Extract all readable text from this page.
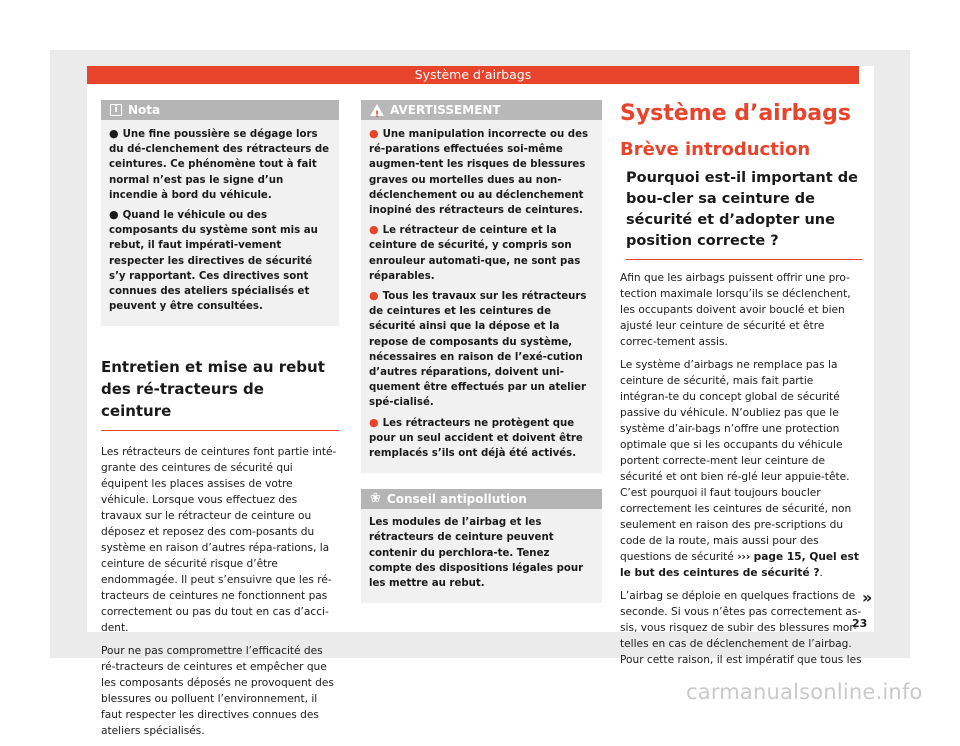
Système d’airbags
i Nota

● Une fine poussière se dégage lors du dé-clenchement des rétracteurs de ceintures. Ce phénomène tout à fait normal n’est pas le signe d’un incendie à bord du véhicule.

● Quand le véhicule ou des composants du système sont mis au rebut, il faut impérati-vement respecter les directives de sécurité s’y rapportant. Ces directives sont connues des ateliers spécialisés et peuvent y être consultées.

Entretien et mise au rebut des ré-tracteurs de ceinture

Les rétracteurs de ceintures font partie inté-grante des ceintures de sécurité qui équipent les places assises de votre véhicule. Lorsque vous effectuez des travaux sur le rétracteur de ceinture ou déposez et reposez des com-posants du système en raison d’autres répa-rations, la ceinture de sécurité risque d’être endommagée. Il peut s’ensuivre que les ré-tracteurs de ceintures ne fonctionnent pas correctement ou pas du tout en cas d’acci-dent.

Pour ne pas compromettre l’efficacité des ré-tracteurs de ceintures et empêcher que les composants déposés ne provoquent des blessures ou polluent l’environnement, il faut respecter les directives connues des ateliers spécialisés.

!
AVERTISSEMENT

● Une manipulation incorrecte ou des ré-parations effectuées soi-même augmen-tent les risques de blessures graves ou mortelles dues au non-déclenchement ou au déclenchement inopiné des rétracteurs de ceintures.

● Le rétracteur de ceinture et la ceinture de sécurité, y compris son enrouleur automati-que, ne sont pas réparables.

● Tous les travaux sur les rétracteurs de ceintures et les ceintures de sécurité ainsi que la dépose et la repose de composants du système, nécessaires en raison de l’exé-cution d’autres réparations, doivent uni-quement être effectués par un atelier spé-cialisé.

● Les rétracteurs ne protègent que pour un seul accident et doivent être remplacés s’ils ont déjà été activés.

❀ Conseil antipollution

Les modules de l’airbag et les rétracteurs de ceinture peuvent contenir du perchlora-te. Tenez compte des dispositions légales pour les mettre au rebut.

Système d’airbags
Brève introduction
Pourquoi est-il important de bou-cler sa ceinture de sécurité et d’adopter une position correcte ?

Afin que les airbags puissent offrir une pro-tection maximale lorsqu’ils se déclenchent, les occupants doivent avoir bouclé et bien ajusté leur ceinture de sécurité et être correc-tement assis.

Le système d’airbags ne remplace pas la ceinture de sécurité, mais fait partie intégran-te du concept global de sécurité passive du véhicule. N’oubliez pas que le système d’air-bags n’offre une protection optimale que si les occupants du véhicule portent correcte-ment leur ceinture de sécurité et ont bien ré-glé leur appuie-tête. C’est pourquoi il faut toujours boucler correctement les ceintures de sécurité, non seulement en raison des pre-scriptions du code de la route, mais aussi pour des questions de sécurité ››› page 15, Quel est le but des ceintures de sécurité ?.

L’airbag se déploie en quelques fractions de seconde. Si vous n’êtes pas correctement as-sis, vous risquez de subir des blessures mor-telles en cas de déclenchement de l’airbag. Pour cette raison, il est impératif que tous les

»
23
carmanualsonline.info
